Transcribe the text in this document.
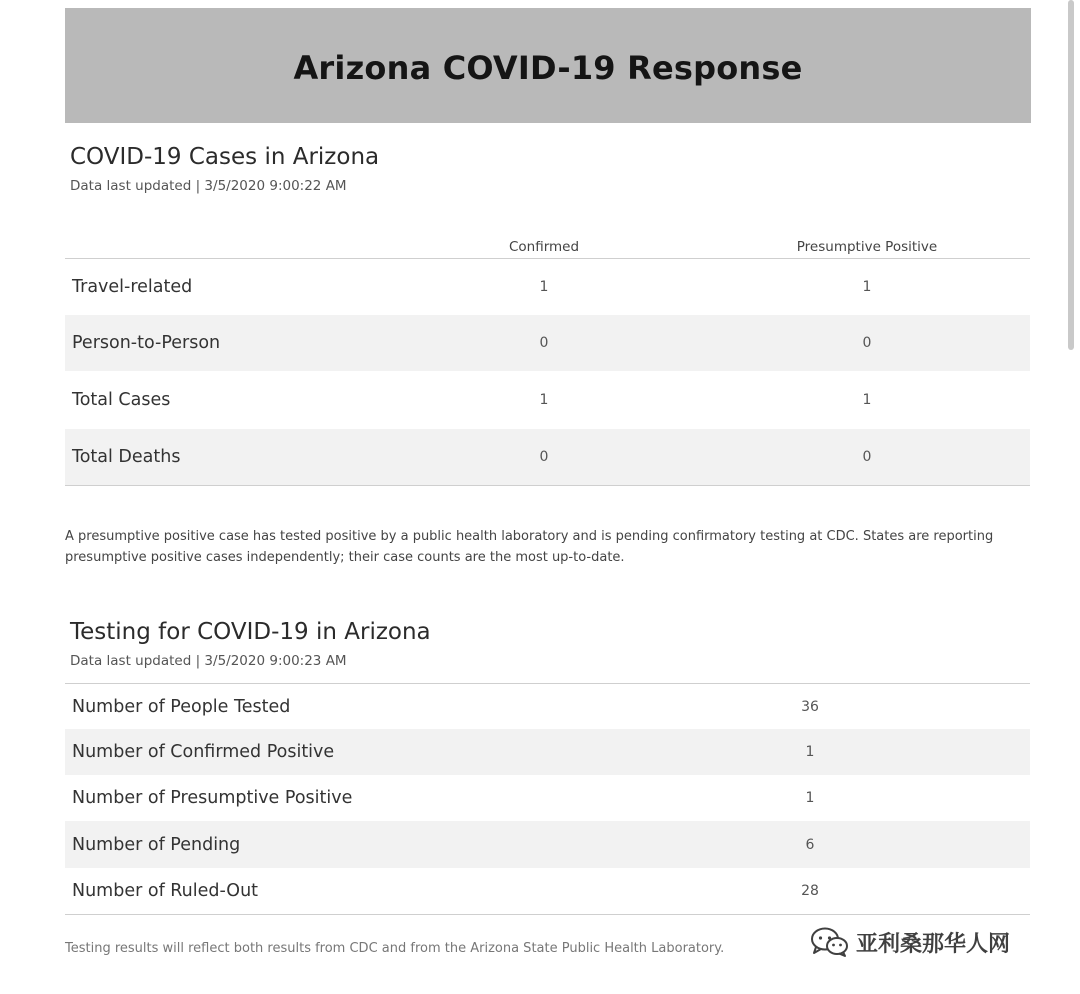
Arizona COVID-19 Response
COVID-19 Cases in Arizona
Data last updated | 3/5/2020 9:00:22 AM
Confirmed	Presumptive Positive
Travel-related	1	1
Person-to-Person	0	0
Total Cases	1	1
Total Deaths	0	0
A presumptive positive case has tested positive by a public health laboratory and is pending confirmatory testing at CDC. States are reporting presumptive positive cases independently; their case counts are the most up-to-date.
Testing for COVID-19 in Arizona
Data last updated | 3/5/2020 9:00:23 AM
Number of People Tested	36
Number of Confirmed Positive	1
Number of Presumptive Positive	1
Number of Pending	6
Number of Ruled-Out	28
Testing results will reflect both results from CDC and from the Arizona State Public Health Laboratory.	亚利桑那华人网
